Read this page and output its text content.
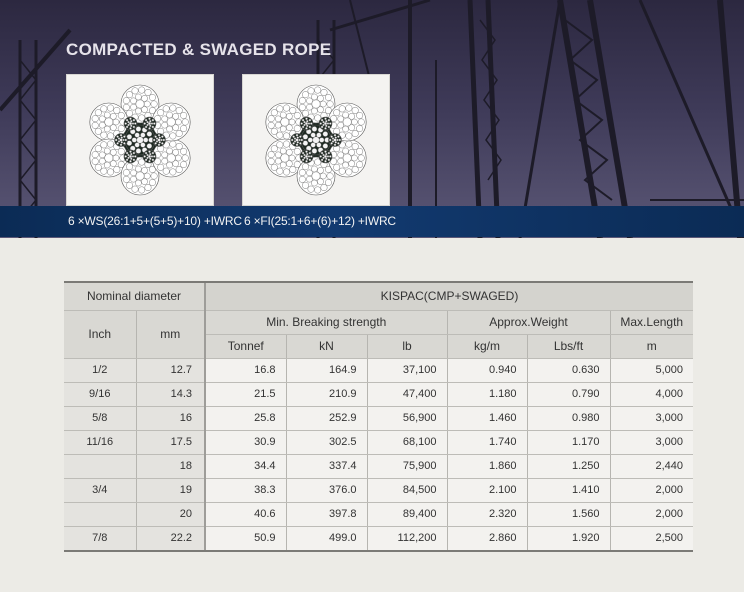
COMPACTED & SWAGED ROPE
6 ×WS(26:1+5+(5+5)+10) +IWRC 6 ×FI(25:1+6+(6)+12) +IWRC
Nominal diameter		KISPAC(CMP+SWAGED)					
Inch	mm	Min. Breaking strength			Approx.Weight		Max.Length
		Tonnef	kN	lb	kg/m	Lbs/ft	m
1/2	12.7	16.8	164.9	37,100	0.940	0.630	5,000
9/16	14.3	21.5	210.9	47,400	1.180	0.790	4,000
5/8	16	25.8	252.9	56,900	1.460	0.980	3,000
11/16	17.5	30.9	302.5	68,100	1.740	1.170	3,000
	18	34.4	337.4	75,900	1.860	1.250	2,440
3/4	19	38.3	376.0	84,500	2.100	1.410	2,000
	20	40.6	397.8	89,400	2.320	1.560	2,000
7/8	22.2	50.9	499.0	112,200	2.860	1.920	2,500
